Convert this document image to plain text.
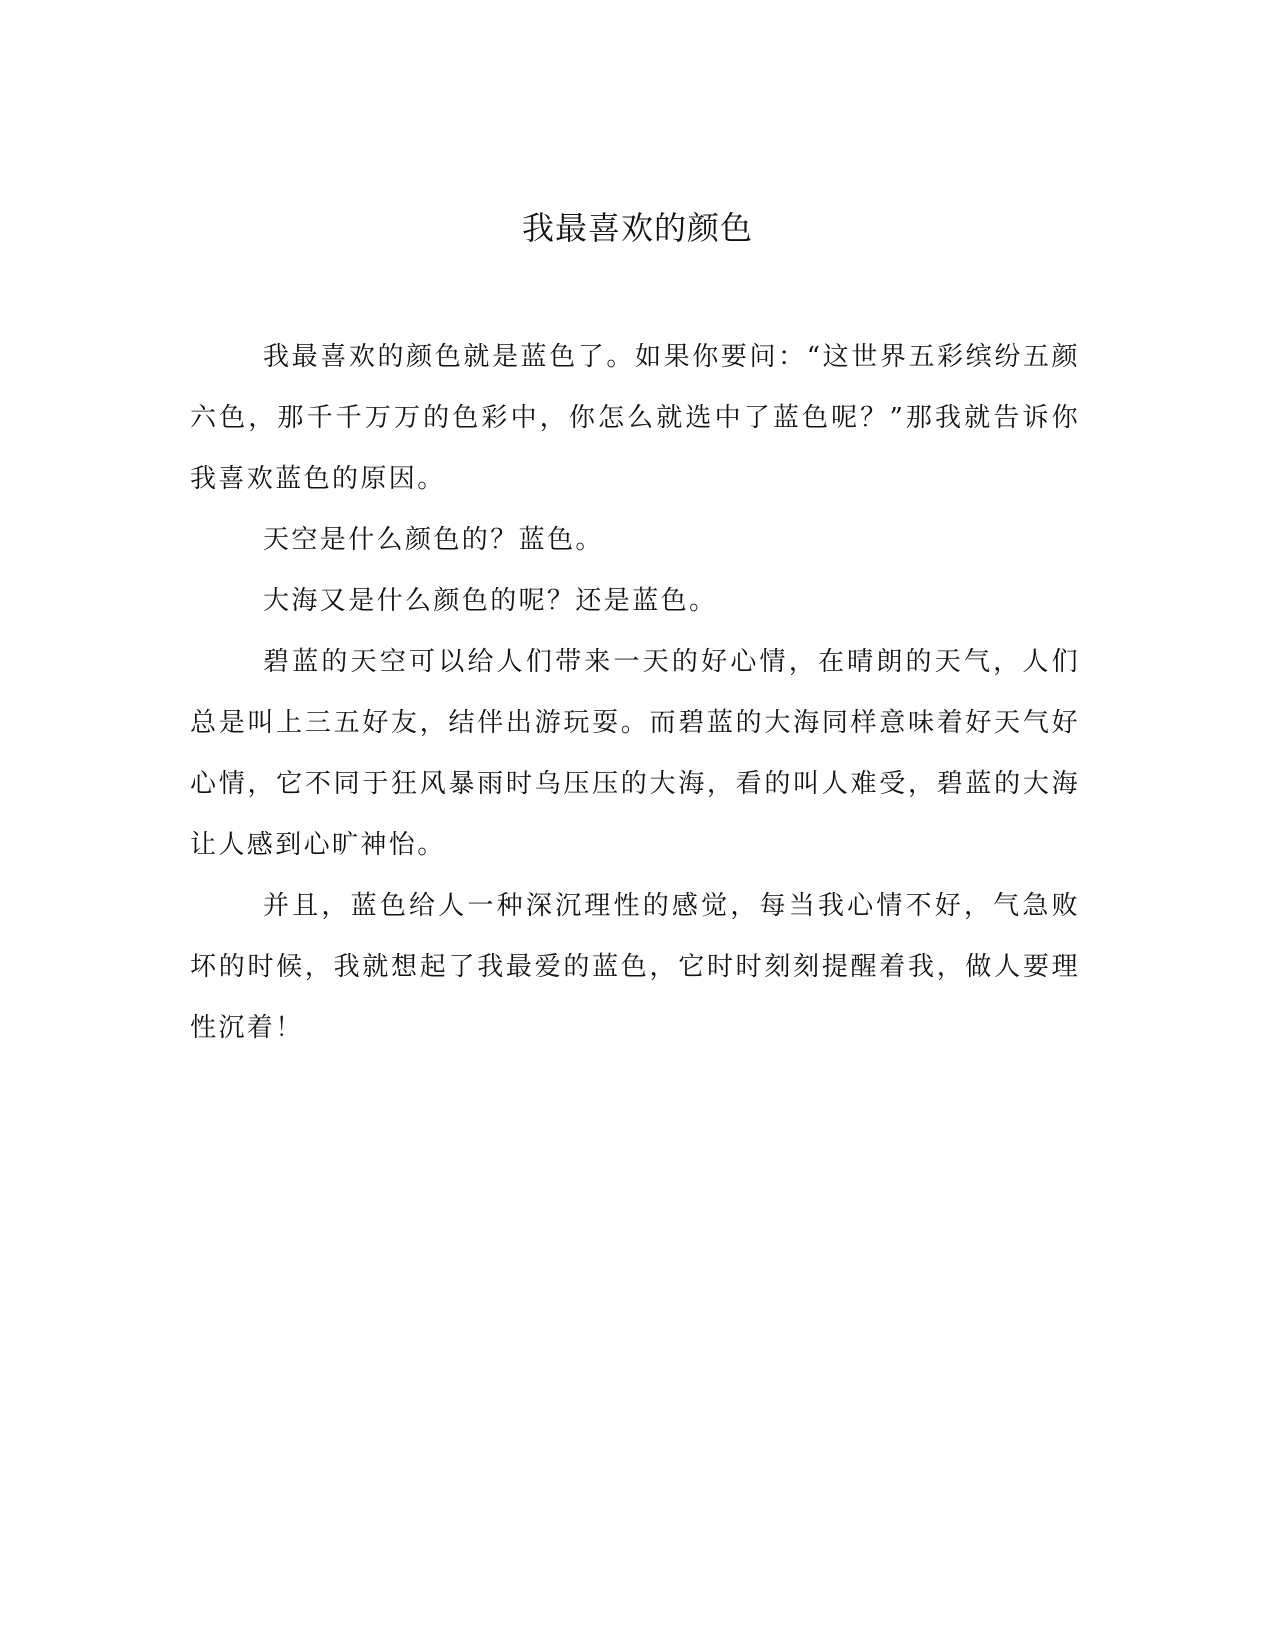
我最喜欢的颜色

我最喜欢的颜色就是蓝色了。如果你要问：“这世界五彩缤纷五颜六色，那千千万万的色彩中，你怎么就选中了蓝色呢？”那我就告诉你我喜欢蓝色的原因。

天空是什么颜色的？蓝色。

大海又是什么颜色的呢？还是蓝色。

碧蓝的天空可以给人们带来一天的好心情，在晴朗的天气，人们总是叫上三五好友，结伴出游玩耍。而碧蓝的大海同样意味着好天气好心情，它不同于狂风暴雨时乌压压的大海，看的叫人难受，碧蓝的大海让人感到心旷神怡。

并且，蓝色给人一种深沉理性的感觉，每当我心情不好，气急败坏的时候，我就想起了我最爱的蓝色，它时时刻刻提醒着我，做人要理性沉着！
